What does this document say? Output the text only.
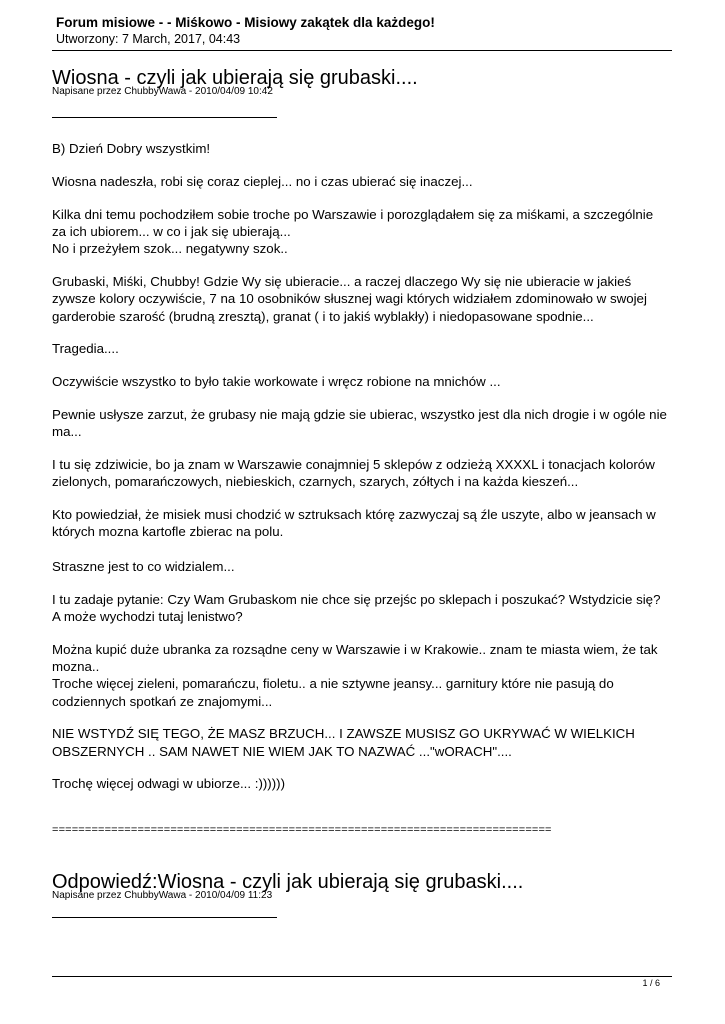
Forum misiowe - - Miśkowo - Misiowy zakątek dla każdego!
Utworzony: 7 March, 2017, 04:43
Wiosna - czyli jak ubierają się grubaski....
Napisane przez ChubbyWawa - 2010/04/09 10:42

B) Dzień Dobry wszystkim!

Wiosna nadeszła, robi się coraz cieplej... no i czas ubierać się inaczej...

Kilka dni temu pochodziłem sobie troche po Warszawie i porozglądałem się za miśkami, a szczególnie
za ich ubiorem... w co i jak się ubierają...
No i przeżyłem szok... negatywny szok..

Grubaski, Miśki, Chubby! Gdzie Wy się ubieracie... a raczej dlaczego Wy się nie ubieracie w jakieś
zywsze kolory oczywiście, 7 na 10 osobników słusznej wagi których widziałem zdominowało w swojej
garderobie szarość (brudną zresztą), granat ( i to jakiś wyblakły) i niedopasowane spodnie...

Tragedia....

Oczywiście wszystko to było takie workowate i wręcz robione na mnichów ...

Pewnie usłysze zarzut, że grubasy nie mają gdzie sie ubierac, wszystko jest dla nich drogie i w ogóle nie
ma...

I tu się zdziwicie, bo ja znam w Warszawie conajmniej 5 sklepów z odzieżą XXXXL i tonacjach kolorów
zielonych, pomarańczowych, niebieskich, czarnych, szarych, zółtych i na każda kieszeń...

Kto powiedział, że misiek musi chodzić w sztruksach którę zazwyczaj są źle uszyte, albo w jeansach w
których mozna kartofle zbierac na polu.

Straszne jest to co widzialem...

I tu zadaje pytanie: Czy Wam Grubaskom nie chce się przejśc po sklepach i poszukać? Wstydzicie się?
A może wychodzi tutaj lenistwo?

Można kupić duże ubranka za rozsądne ceny w Warszawie i w Krakowie.. znam te miasta wiem, że tak
mozna..
Troche więcej zieleni, pomarańczu, fioletu.. a nie sztywne jeansy... garnitury które nie pasują do
codziennych spotkań ze znajomymi...

NIE WSTYDŹ SIĘ TEGO, ŻE MASZ BRZUCH... I ZAWSZE MUSISZ GO UKRYWAĆ W WIELKICH
OBSZERNYCH .. SAM NAWET NIE WIEM JAK TO NAZWAĆ ..."wORACH"....

Trochę więcej odwagi w ubiorze... :))))))

============================================================================
Odpowiedź:Wiosna - czyli jak ubierają się grubaski....
Napisane przez ChubbyWawa - 2010/04/09 11:23
1 / 6
